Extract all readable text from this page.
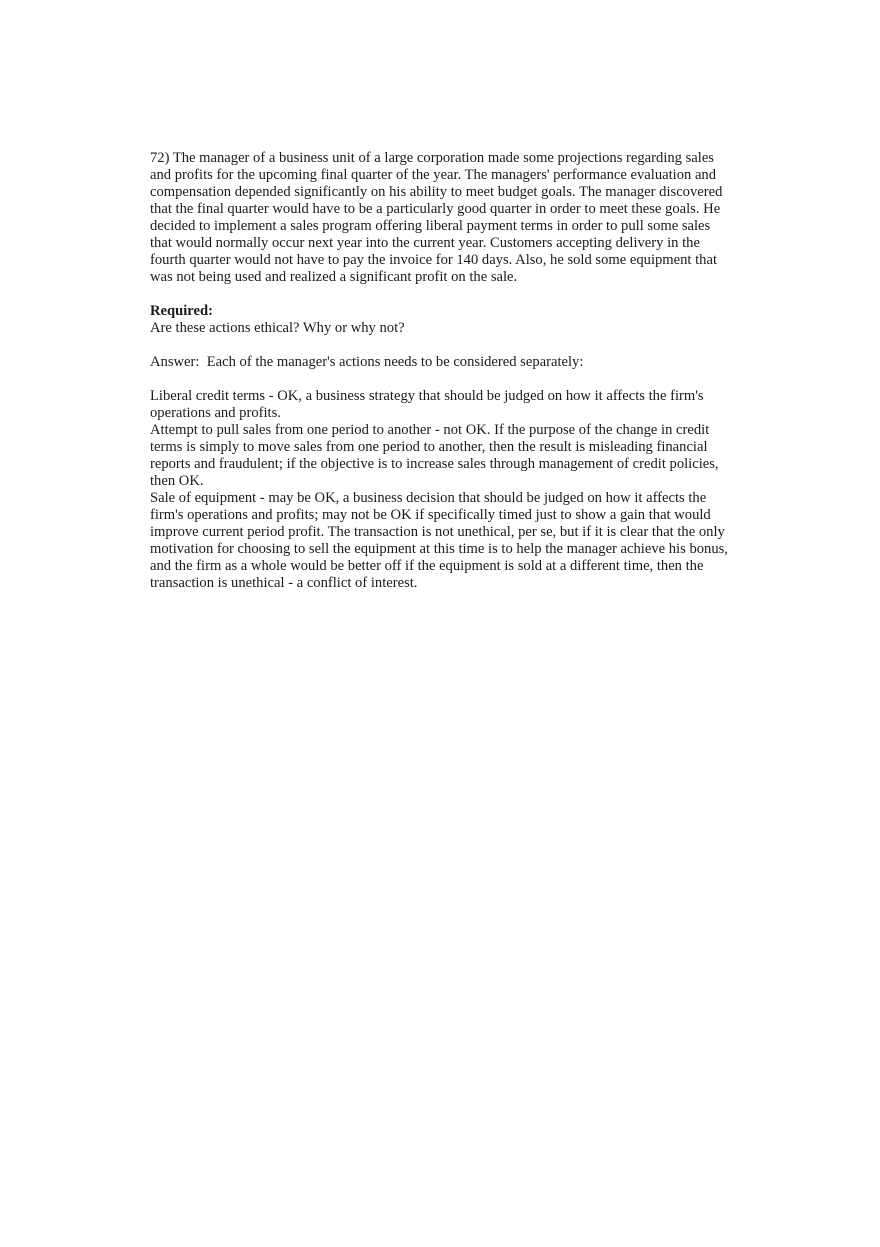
72) The manager of a business unit of a large corporation made some projections regarding sales and profits for the upcoming final quarter of the year. The managers' performance evaluation and compensation depended significantly on his ability to meet budget goals. The manager discovered that the final quarter would have to be a particularly good quarter in order to meet these goals. He decided to implement a sales program offering liberal payment terms in order to pull some sales that would normally occur next year into the current year. Customers accepting delivery in the fourth quarter would not have to pay the invoice for 140 days. Also, he sold some equipment that was not being used and realized a significant profit on the sale.

Required:

Are these actions ethical? Why or why not?

Answer:  Each of the manager's actions needs to be considered separately:

Liberal credit terms - OK, a business strategy that should be judged on how it affects the firm's operations and profits.

Attempt to pull sales from one period to another - not OK. If the purpose of the change in credit terms is simply to move sales from one period to another, then the result is misleading financial reports and fraudulent; if the objective is to increase sales through management of credit policies, then OK.

Sale of equipment - may be OK, a business decision that should be judged on how it affects the firm's operations and profits; may not be OK if specifically timed just to show a gain that would improve current period profit. The transaction is not unethical, per se, but if it is clear that the only motivation for choosing to sell the equipment at this time is to help the manager achieve his bonus, and the firm as a whole would be better off if the equipment is sold at a different time, then the transaction is unethical - a conflict of interest.
